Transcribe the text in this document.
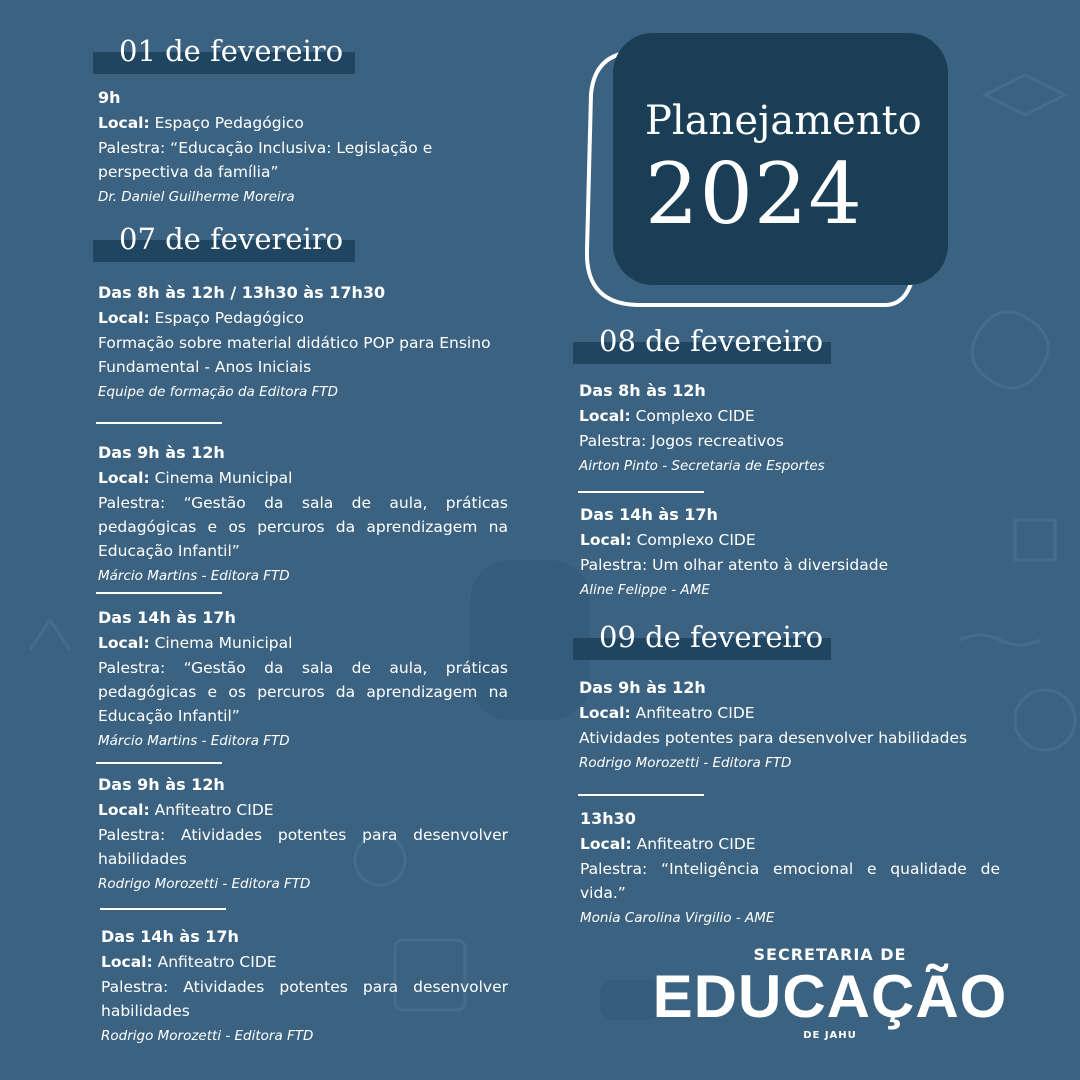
Planejamento
2024
01 de fevereiro
9h
Local: Espaço Pedagógico
Palestra: “Educação Inclusiva: Legislação e perspectiva da família”
Dr. Daniel Guilherme Moreira
07 de fevereiro
Das 8h às 12h / 13h30 às 17h30
Local: Espaço Pedagógico
Formação sobre material didático POP para Ensino Fundamental - Anos Iniciais
Equipe de formação da Editora FTD
Das 9h às 12h
Local: Cinema Municipal
Palestra: “Gestão da sala de aula, práticas pedagógicas e os percuros da aprendizagem na Educação Infantil”
Márcio Martins - Editora FTD
Das 14h às 17h
Local: Cinema Municipal
Palestra: “Gestão da sala de aula, práticas pedagógicas e os percuros da aprendizagem na Educação Infantil”
Márcio Martins - Editora FTD
Das 9h às 12h
Local: Anfiteatro CIDE
Palestra: Atividades potentes para desenvolver habilidades
Rodrigo Morozetti - Editora FTD
Das 14h às 17h
Local: Anfiteatro CIDE
Palestra: Atividades potentes para desenvolver habilidades
Rodrigo Morozetti - Editora FTD
08 de fevereiro
Das 8h às 12h
Local: Complexo CIDE
Palestra: Jogos recreativos
Airton Pinto - Secretaria de Esportes
Das 14h às 17h
Local: Complexo CIDE
Palestra: Um olhar atento à diversidade
Aline Felippe - AME
09 de fevereiro
Das 9h às 12h
Local: Anfiteatro CIDE
Atividades potentes para desenvolver habilidades
Rodrigo Morozetti - Editora FTD
13h30
Local: Anfiteatro CIDE
Palestra: “Inteligência emocional e qualidade de vida.”
Monia Carolina Virgilio - AME
SECRETARIA DE
EDUCAÇÃO
DE JAHU
